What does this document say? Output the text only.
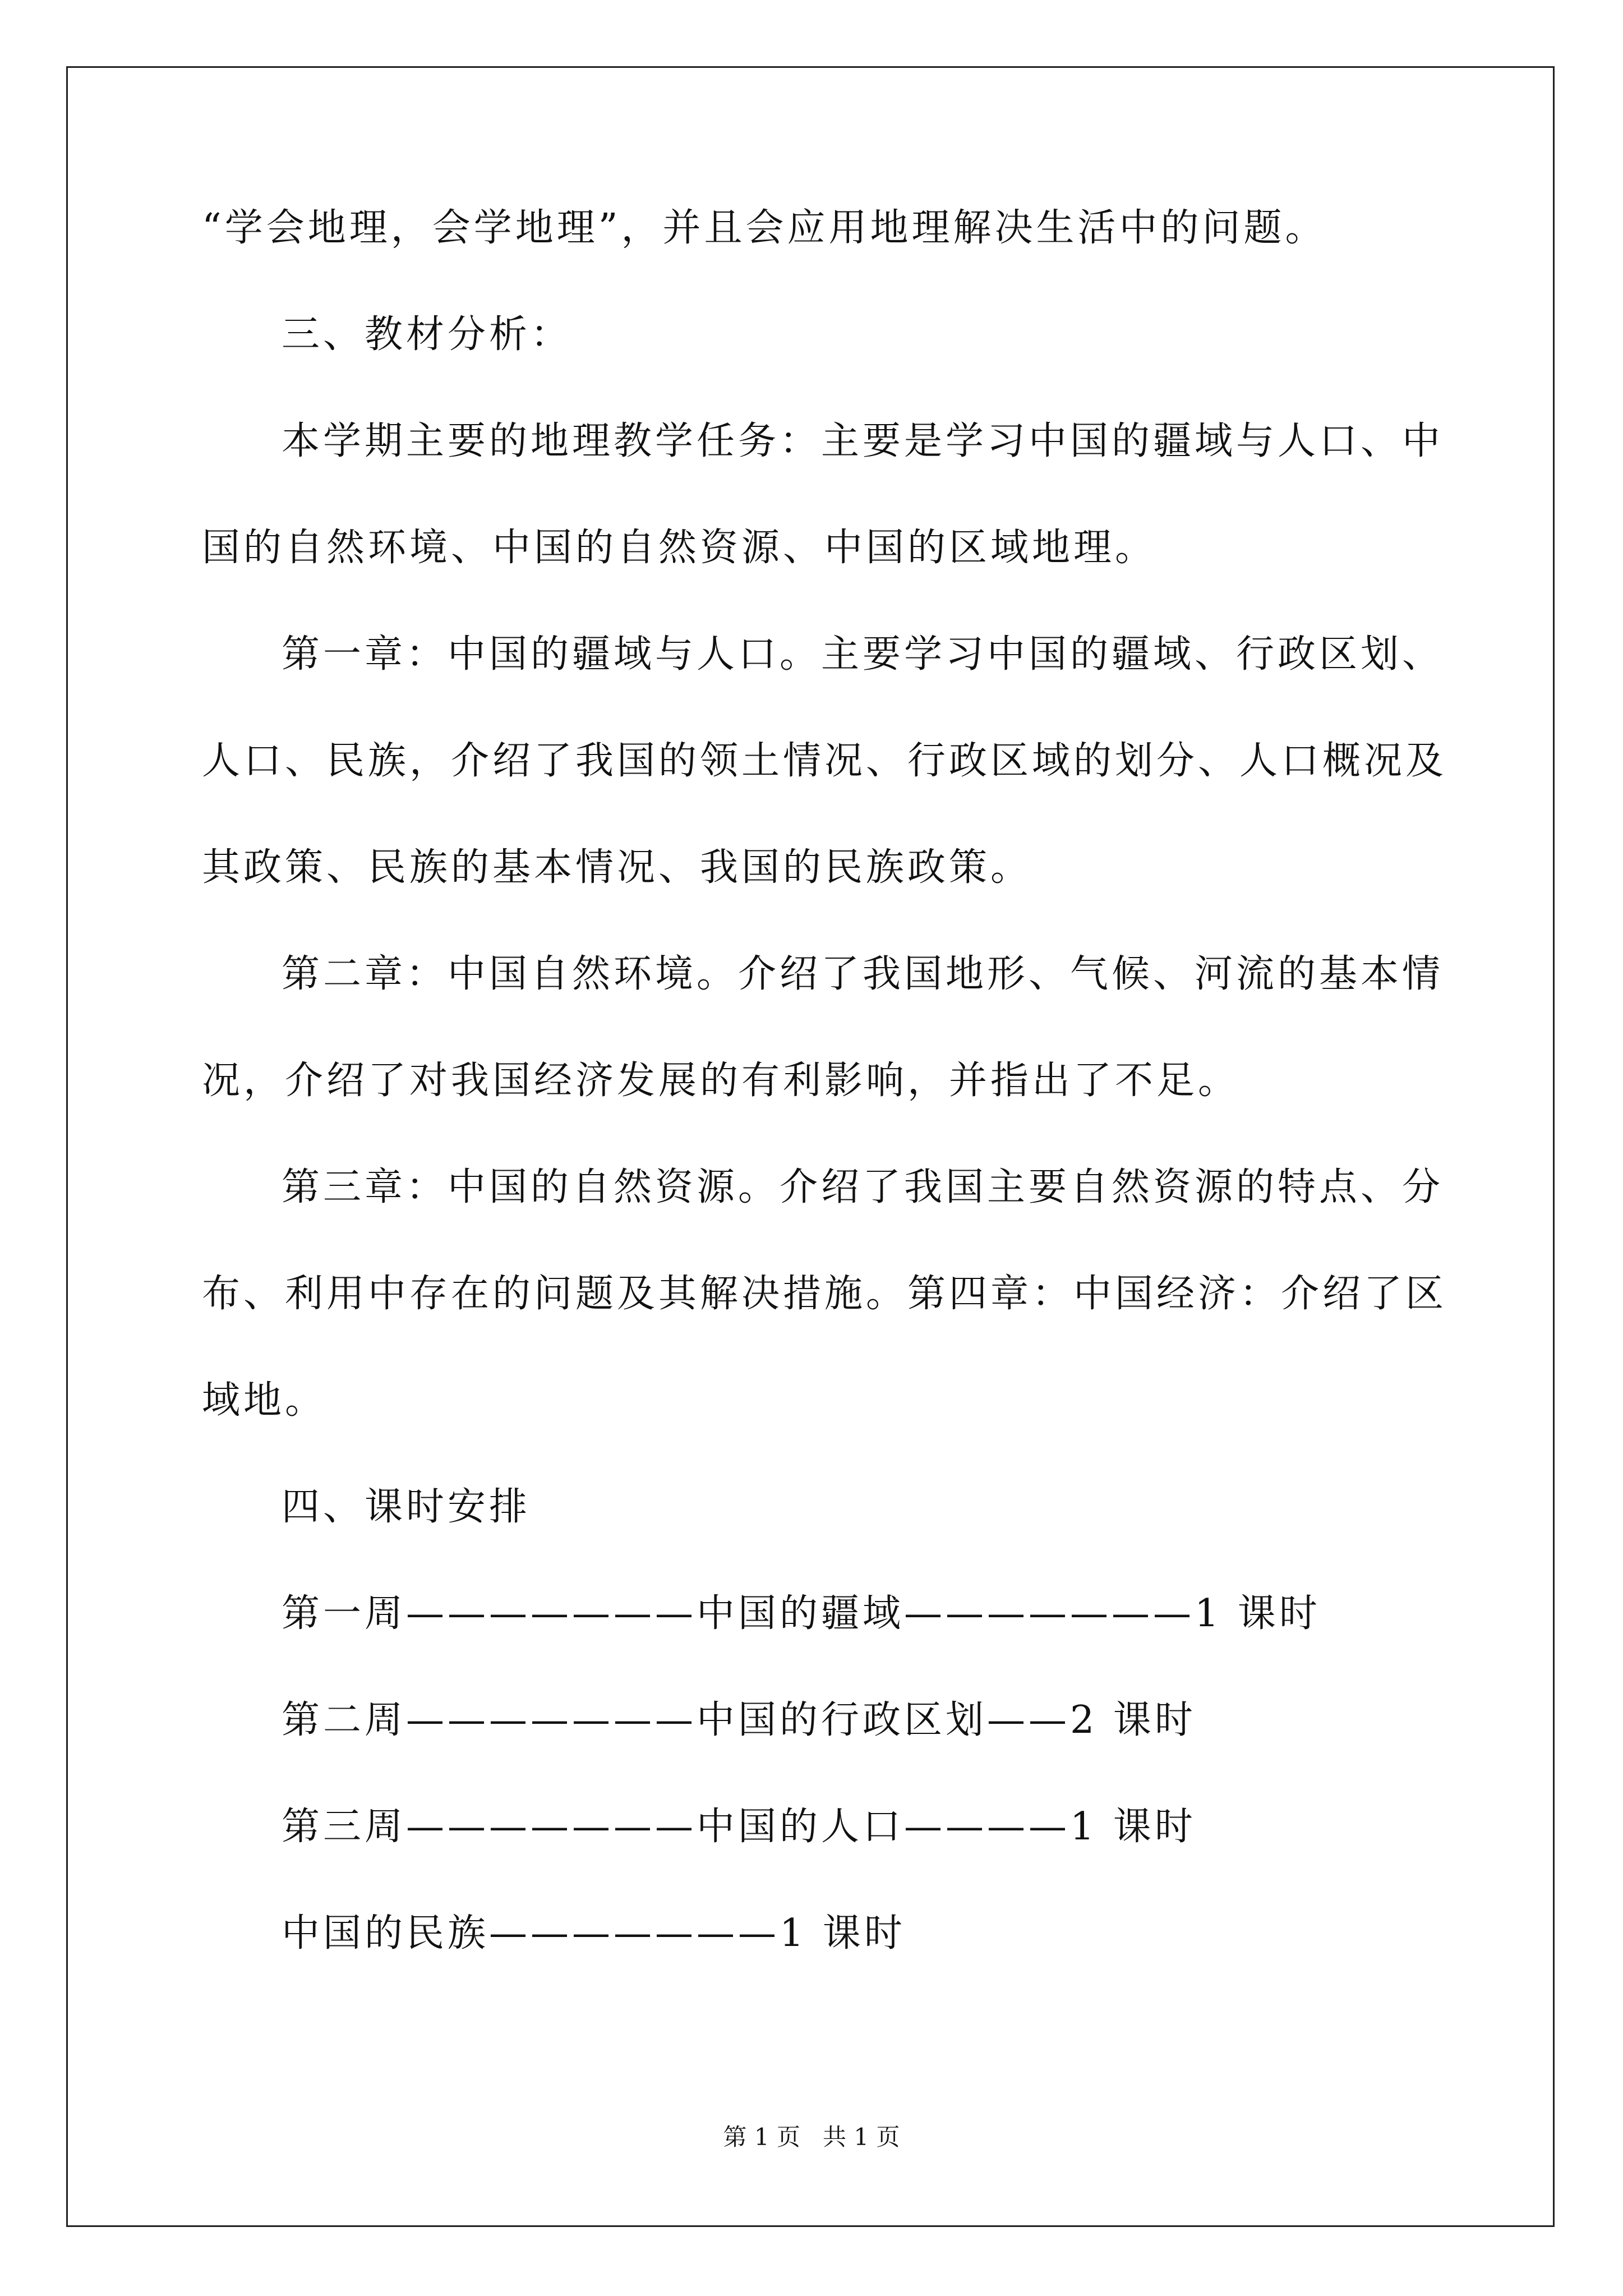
“学会地理，会学地理”，并且会应用地理解决生活中的问题。
三、教材分析：
本学期主要的地理教学任务：主要是学习中国的疆域与人口、中
国的自然环境、中国的自然资源、中国的区域地理。
第一章：中国的疆域与人口。主要学习中国的疆域、行政区划、
人口、民族，介绍了我国的领土情况、行政区域的划分、人口概况及
其政策、民族的基本情况、我国的民族政策。
第二章：中国自然环境。介绍了我国地形、气候、河流的基本情
况，介绍了对我国经济发展的有利影响，并指出了不足。
第三章：中国的自然资源。介绍了我国主要自然资源的特点、分
布、利用中存在的问题及其解决措施。第四章：中国经济：介绍了区
域地。
四、课时安排
第一周———————中国的疆域———————1 课时
第二周———————中国的行政区划——2 课时
第三周———————中国的人口————1 课时
中国的民族———————1 课时
第 1 页   共 1 页
